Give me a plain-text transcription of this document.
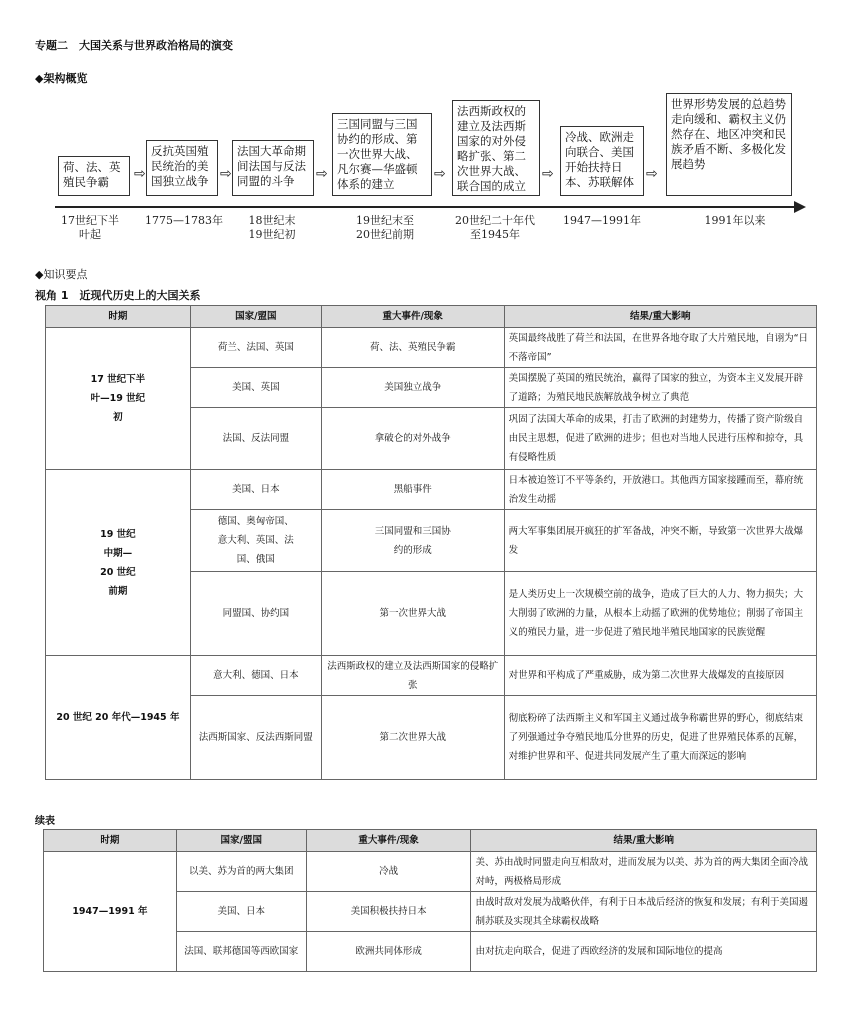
专题二　大国关系与世界政治格局的演变
◆架构概览
荷、法、英殖民争霸	⇨
反抗英国殖民统治的美国独立战争 ⇨
法国大革命期间法国与反法同盟的斗争	⇨
三国同盟与三国协约的形成、第一次世界大战、凡尔赛—华盛顿体系的建立
⇨
法西斯政权的建立及法西斯国家的对外侵略扩张、第二次世界大战、联合国的成立
⇨
冷战、欧洲走向联合、美国开始扶持日本、苏联解体 ⇨
世界形势发展的总趋势走向缓和、霸权主义仍然存在、地区冲突和民族矛盾不断、多极化发展趋势
17世纪下半叶起
1775—1783年	18世纪末19世纪初
19世纪末至20世纪前期
20世纪二十年代至1945年
1947—1991年	1991年以来
◆知识要点
视角 1　近现代历史上的大国关系
时期	国家/盟国	重大事件/现象	结果/重大影响

17 世纪下半叶—19 世纪初	荷兰、法国、英国	荷、法、英殖民争霸	英国最终战胜了荷兰和法国，在世界各地夺取了大片殖民地，自诩为“日不落帝国”
	美国、英国	美国独立战争	美国摆脱了英国的殖民统治，赢得了国家的独立，为资本主义发展开辟了道路；为殖民地民族解放战争树立了典范
	法国、反法同盟	拿破仑的对外战争	巩固了法国大革命的成果，打击了欧洲的封建势力，传播了资产阶级自由民主思想，促进了欧洲的进步；但也对当地人民进行压榨和掠夺，具有侵略性质

19 世纪中期—20 世纪前期	美国、日本	黑船事件	日本被迫签订不平等条约，开放港口。其他西方国家接踵而至，幕府统治发生动摇

	德国、奥匈帝国、意大利、英国、法国、俄国	三国同盟和三国协约的形成	两大军事集团展开疯狂的扩军备战，冲突不断，导致第一次世界大战爆发
	同盟国、协约国	第一次世界大战	是人类历史上一次规模空前的战争，造成了巨大的人力、物力损失；大大削弱了欧洲的力量，从根本上动摇了欧洲的优势地位；削弱了帝国主义的殖民力量，进一步促进了殖民地半殖民地国家的民族觉醒
20 世纪 20 年代—1945 年	意大利、德国、日本	法西斯政权的建立及法西斯国家的侵略扩张	对世界和平构成了严重威胁，成为第二次世界大战爆发的直接原因

	法西斯国家、反法西斯同盟	第二次世界大战	彻底粉碎了法西斯主义和军国主义通过战争称霸世界的野心，彻底结束了列强通过争夺殖民地瓜分世界的历史，促进了世界殖民体系的瓦解，对维护世界和平、促进共同发展产生了重大而深远的影响
续表
时期	国家/盟国	重大事件/现象	结果/重大影响
1947—1991 年	以美、苏为首的两大集团	冷战	美、苏由战时同盟走向互相敌对，进而发展为以美、苏为首的两大集团全面冷战对峙，两极格局形成
	美国、日本	美国积极扶持日本	由战时敌对发展为战略伙伴，有利于日本战后经济的恢复和发展；有利于美国遏制苏联及实现其全球霸权战略
	法国、联邦德国等西欧国家	欧洲共同体形成	由对抗走向联合，促进了西欧经济的发展和国际地位的提高
